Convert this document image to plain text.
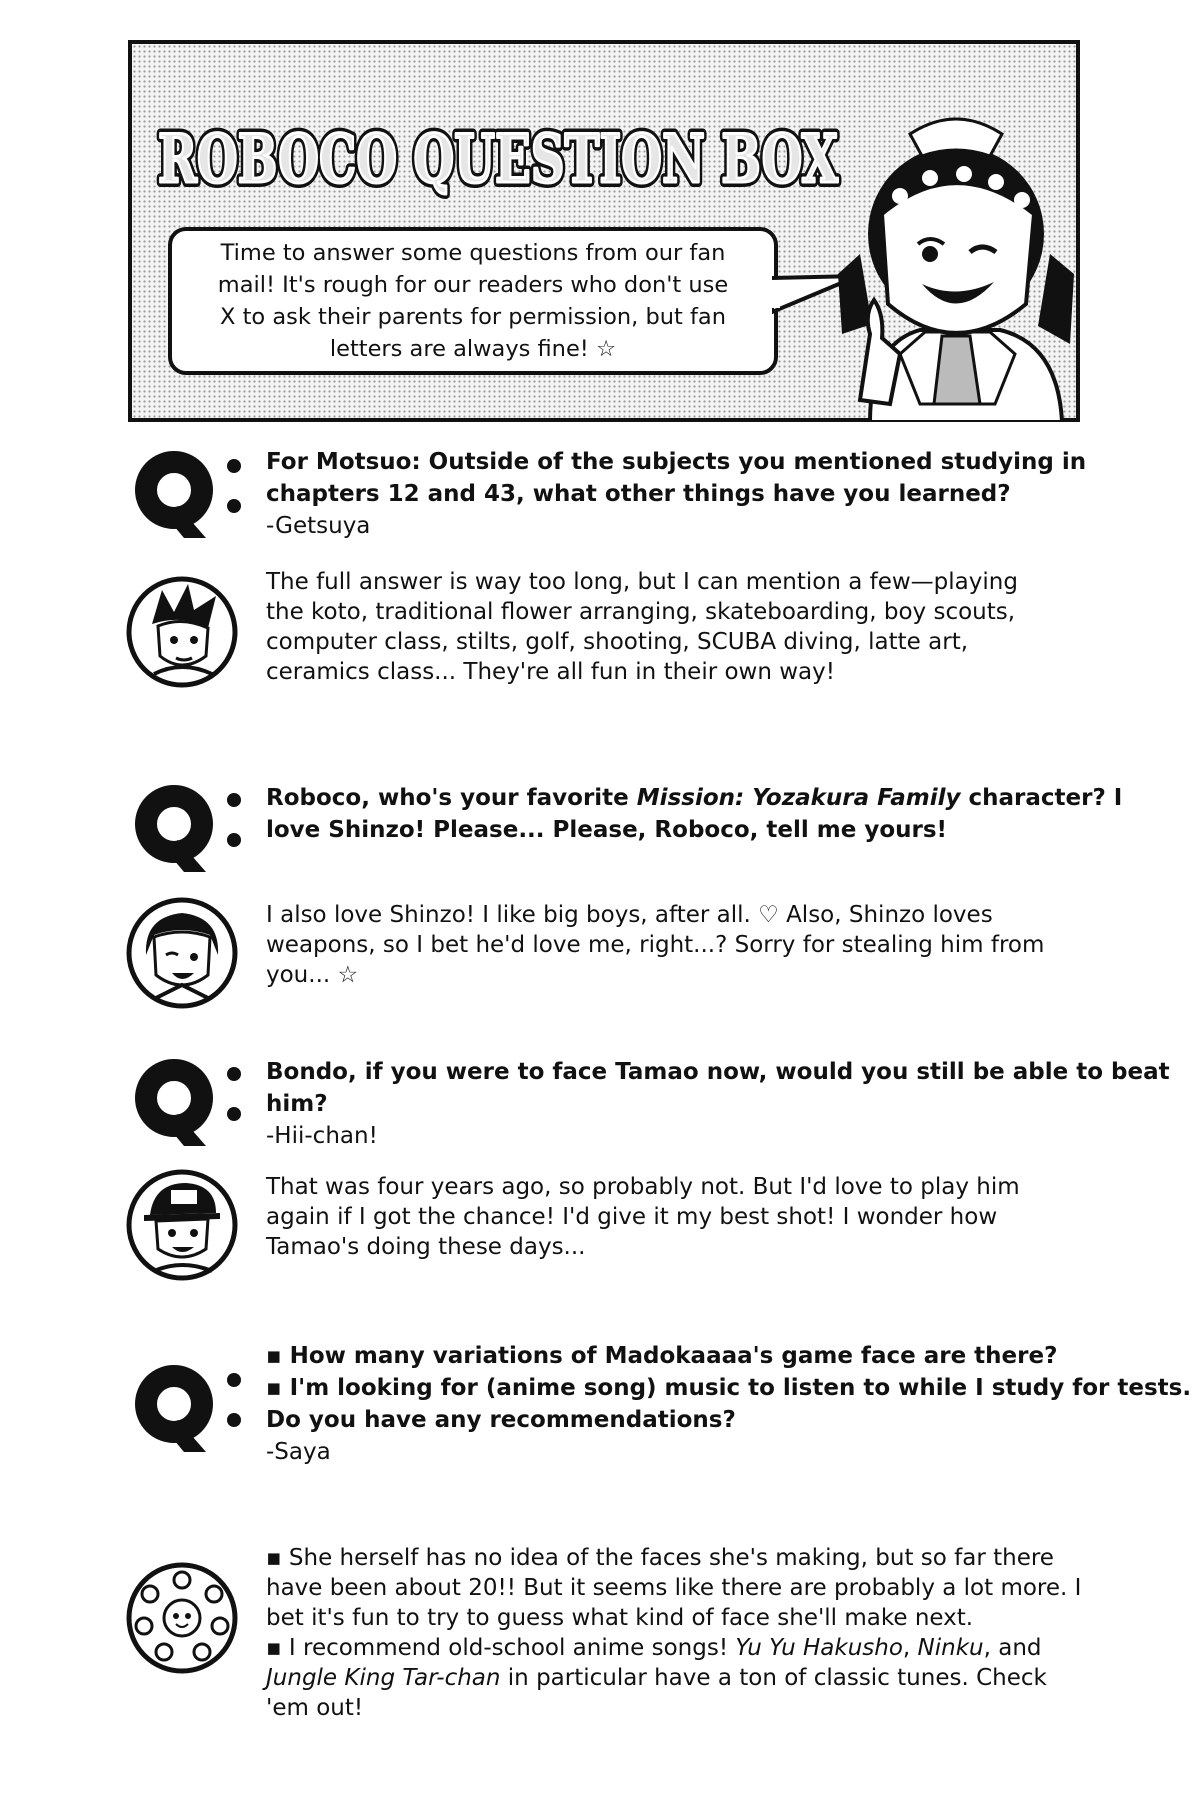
ROBOCO QUESTION BOX
ROBOCO QUESTION BOX
Time to answer some questions from our fan
mail! It's rough for our readers who don't use
X to ask their parents for permission, but fan
letters are always fine! ☆

For Motsuo: Outside of the subjects you mentioned studying in
chapters 12 and 43, what other things have you learned?
-Getsuya

The full answer is way too long, but I can mention a few—playing
the koto, traditional flower arranging, skateboarding, boy scouts,
computer class, stilts, golf, shooting, SCUBA diving, latte art,
ceramics class... They're all fun in their own way!

Roboco, who's your favorite Mission: Yozakura Family character? I
love Shinzo! Please... Please, Roboco, tell me yours!

I also love Shinzo! I like big boys, after all. ♡ Also, Shinzo loves
weapons, so I bet he'd love me, right...? Sorry for stealing him from
you... ☆

Bondo, if you were to face Tamao now, would you still be able to beat
him?
-Hii-chan!

That was four years ago, so probably not. But I'd love to play him
again if I got the chance! I'd give it my best shot! I wonder how
Tamao's doing these days...

▪ How many variations of Madokaaaa's game face are there?
▪ I'm looking for (anime song) music to listen to while I study for tests.
Do you have any recommendations?
-Saya

▪ She herself has no idea of the faces she's making, but so far there
have been about 20!! But it seems like there are probably a lot more. I
bet it's fun to try to guess what kind of face she'll make next.
▪ I recommend old-school anime songs! Yu Yu Hakusho, Ninku, and
Jungle King Tar-chan in particular have a ton of classic tunes. Check
'em out!
